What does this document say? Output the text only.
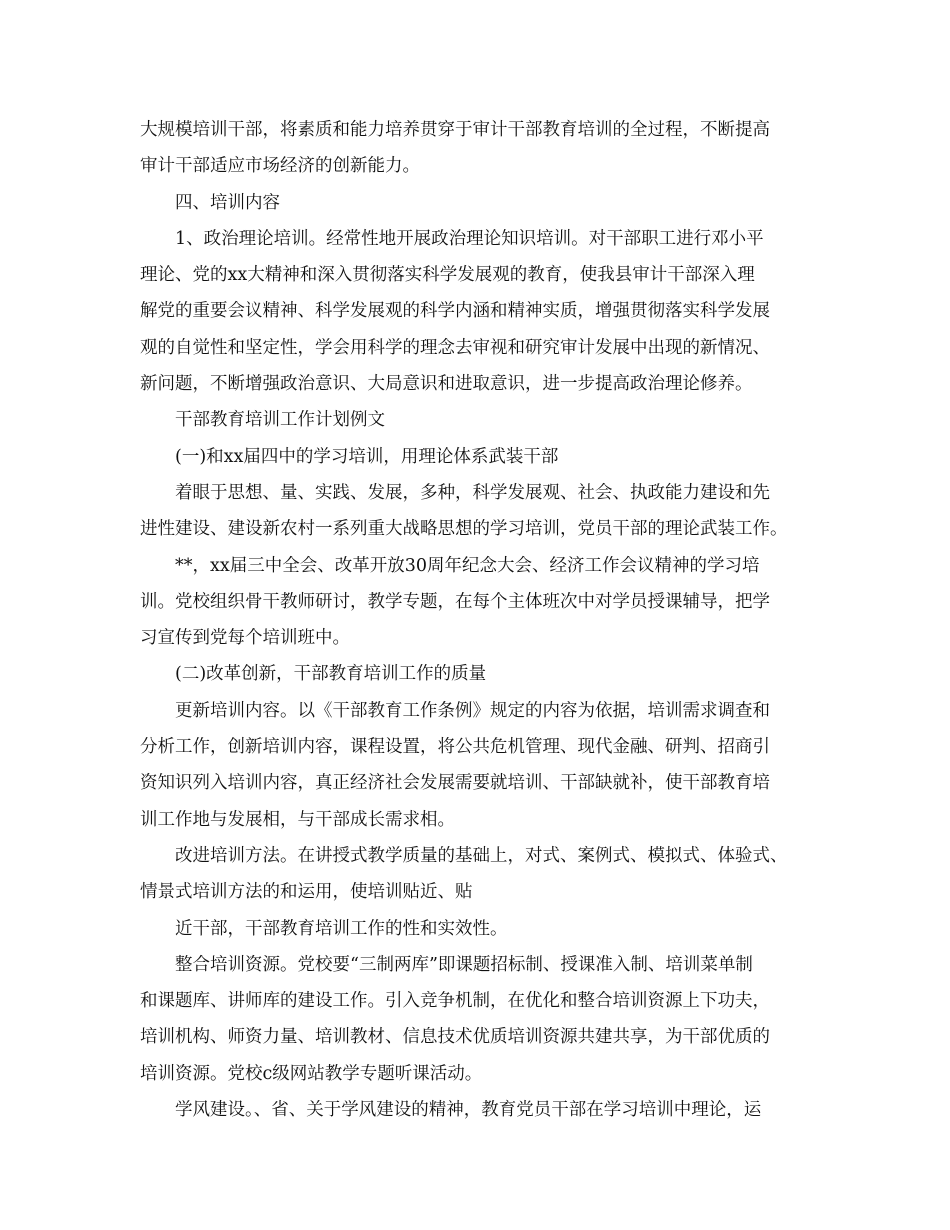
大规模培训干部，将素质和能力培养贯穿于审计干部教育培训的全过程，不断提高
审计干部适应市场经济的创新能力。
四、培训内容
1、政治理论培训。经常性地开展政治理论知识培训。对干部职工进行邓小平
理论、党的xx大精神和深入贯彻落实科学发展观的教育，使我县审计干部深入理
解党的重要会议精神、科学发展观的科学内涵和精神实质，增强贯彻落实科学发展
观的自觉性和坚定性，学会用科学的理念去审视和研究审计发展中出现的新情况、
新问题，不断增强政治意识、大局意识和进取意识，进一步提高政治理论修养。
干部教育培训工作计划例文
(一)和xx届四中的学习培训，用理论体系武装干部
着眼于思想、量、实践、发展，多种，科学发展观、社会、执政能力建设和先
进性建设、建设新农村一系列重大战略思想的学习培训，党员干部的理论武装工作。
**，xx届三中全会、改革开放30周年纪念大会、经济工作会议精神的学习培
训。党校组织骨干教师研讨，教学专题，在每个主体班次中对学员授课辅导，把学
习宣传到党每个培训班中。
(二)改革创新，干部教育培训工作的质量
更新培训内容。以《干部教育工作条例》规定的内容为依据，培训需求调查和
分析工作，创新培训内容，课程设置，将公共危机管理、现代金融、研判、招商引
资知识列入培训内容，真正经济社会发展需要就培训、干部缺就补，使干部教育培
训工作地与发展相，与干部成长需求相。
改进培训方法。在讲授式教学质量的基础上，对式、案例式、模拟式、体验式、
情景式培训方法的和运用，使培训贴近、贴
近干部，干部教育培训工作的性和实效性。
整合培训资源。党校要“三制两库”即课题招标制、授课准入制、培训菜单制
和课题库、讲师库的建设工作。引入竞争机制，在优化和整合培训资源上下功夫，
培训机构、师资力量、培训教材、信息技术优质培训资源共建共享，为干部优质的
培训资源。党校c级网站教学专题听课活动。
学风建设。、省、关于学风建设的精神，教育党员干部在学习培训中理论，运
